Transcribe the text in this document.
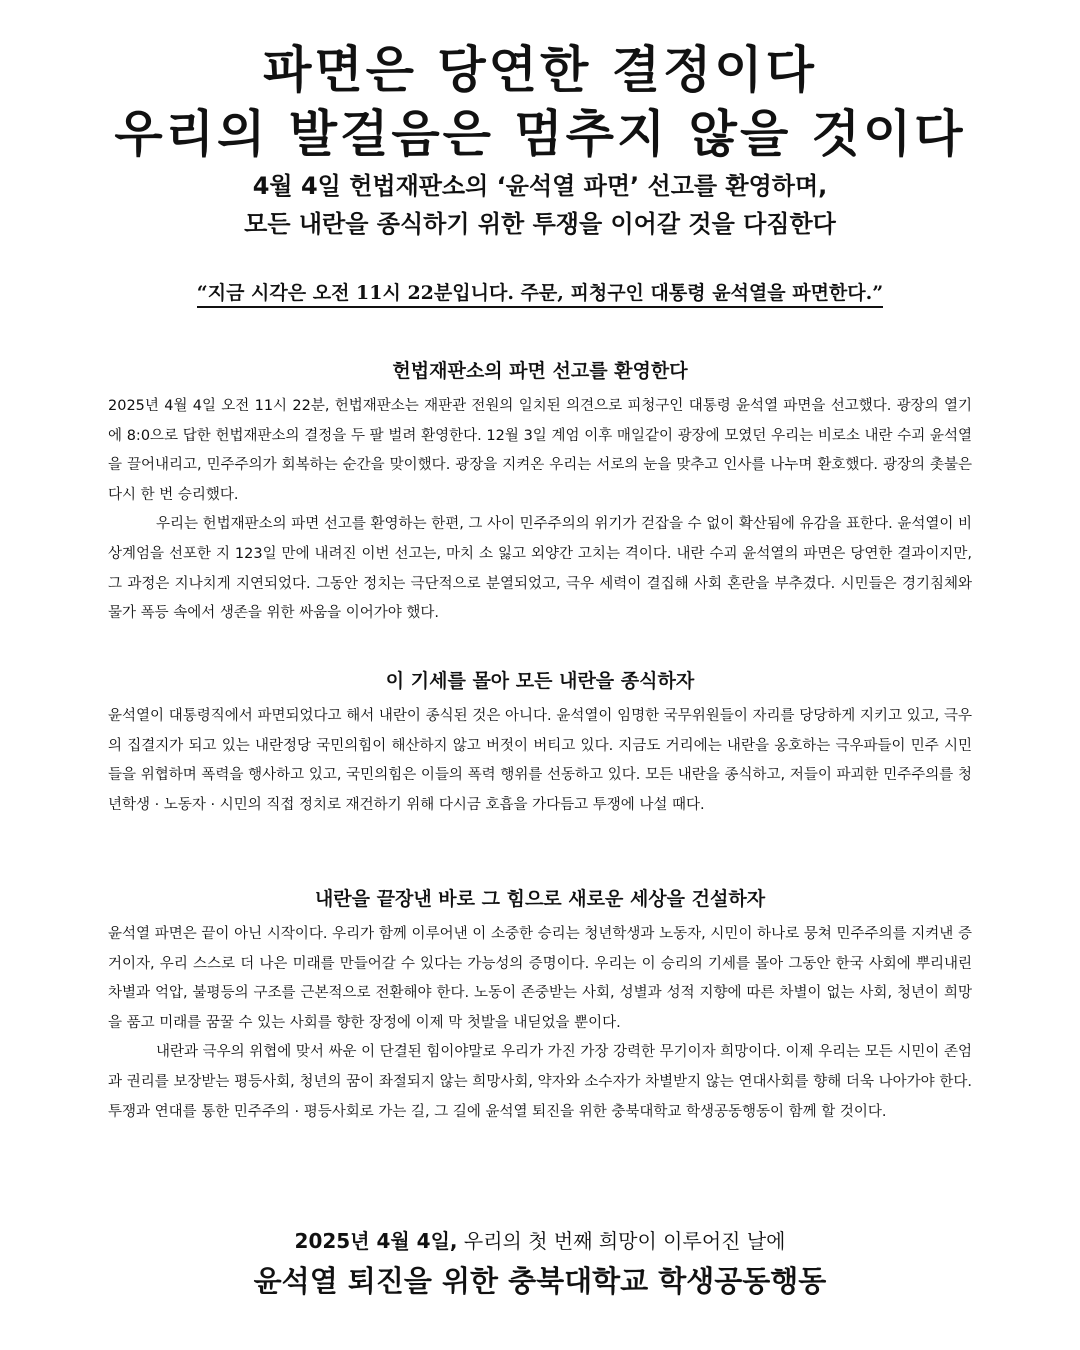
파면은 당연한 결정이다
우리의 발걸음은 멈추지 않을 것이다
4월 4일 헌법재판소의 ‘윤석열 파면’ 선고를 환영하며,
모든 내란을 종식하기 위한 투쟁을 이어갈 것을 다짐한다
“지금 시각은 오전 11시 22분입니다. 주문, 피청구인 대통령 윤석열을 파면한다.”
헌법재판소의 파면 선고를 환영한다

2025년 4월 4일 오전 11시 22분, 헌법재판소는 재판관 전원의 일치된 의견으로 피청구인 대통령 윤석열 파면을 선고했다. 광장의 열기에 8:0으로 답한 헌법재판소의 결정을 두 팔 벌려 환영한다. 12월 3일 계엄 이후 매일같이 광장에 모였던 우리는 비로소 내란 수괴 윤석열을 끌어내리고, 민주주의가 회복하는 순간을 맞이했다. 광장을 지켜온 우리는 서로의 눈을 맞추고 인사를 나누며 환호했다. 광장의 촛불은 다시 한 번 승리했다.

우리는 헌법재판소의 파면 선고를 환영하는 한편, 그 사이 민주주의의 위기가 걷잡을 수 없이 확산됨에 유감을 표한다. 윤석열이 비상계엄을 선포한 지 123일 만에 내려진 이번 선고는, 마치 소 잃고 외양간 고치는 격이다. 내란 수괴 윤석열의 파면은 당연한 결과이지만, 그 과정은 지나치게 지연되었다. 그동안 정치는 극단적으로 분열되었고, 극우 세력이 결집해 사회 혼란을 부추겼다. 시민들은 경기침체와 물가 폭등 속에서 생존을 위한 싸움을 이어가야 했다.

이 기세를 몰아 모든 내란을 종식하자

윤석열이 대통령직에서 파면되었다고 해서 내란이 종식된 것은 아니다. 윤석열이 임명한 국무위원들이 자리를 당당하게 지키고 있고, 극우의 집결지가 되고 있는 내란정당 국민의힘이 해산하지 않고 버젓이 버티고 있다. 지금도 거리에는 내란을 옹호하는 극우파들이 민주 시민들을 위협하며 폭력을 행사하고 있고, 국민의힘은 이들의 폭력 행위를 선동하고 있다. 모든 내란을 종식하고, 저들이 파괴한 민주주의를 청년학생 · 노동자 · 시민의 직접 정치로 재건하기 위해 다시금 호흡을 가다듬고 투쟁에 나설 때다.

내란을 끝장낸 바로 그 힘으로 새로운 세상을 건설하자

윤석열 파면은 끝이 아닌 시작이다. 우리가 함께 이루어낸 이 소중한 승리는 청년학생과 노동자, 시민이 하나로 뭉쳐 민주주의를 지켜낸 증거이자, 우리 스스로 더 나은 미래를 만들어갈 수 있다는 가능성의 증명이다. 우리는 이 승리의 기세를 몰아 그동안 한국 사회에 뿌리내린 차별과 억압, 불평등의 구조를 근본적으로 전환해야 한다. 노동이 존중받는 사회, 성별과 성적 지향에 따른 차별이 없는 사회, 청년이 희망을 품고 미래를 꿈꿀 수 있는 사회를 향한 장정에 이제 막 첫발을 내딛었을 뿐이다.

내란과 극우의 위협에 맞서 싸운 이 단결된 힘이야말로 우리가 가진 가장 강력한 무기이자 희망이다. 이제 우리는 모든 시민이 존엄과 권리를 보장받는 평등사회, 청년의 꿈이 좌절되지 않는 희망사회, 약자와 소수자가 차별받지 않는 연대사회를 향해 더욱 나아가야 한다. 투쟁과 연대를 통한 민주주의 · 평등사회로 가는 길, 그 길에 윤석열 퇴진을 위한 충북대학교 학생공동행동이 함께 할 것이다.

2025년 4월 4일, 우리의 첫 번째 희망이 이루어진 날에
윤석열 퇴진을 위한 충북대학교 학생공동행동
